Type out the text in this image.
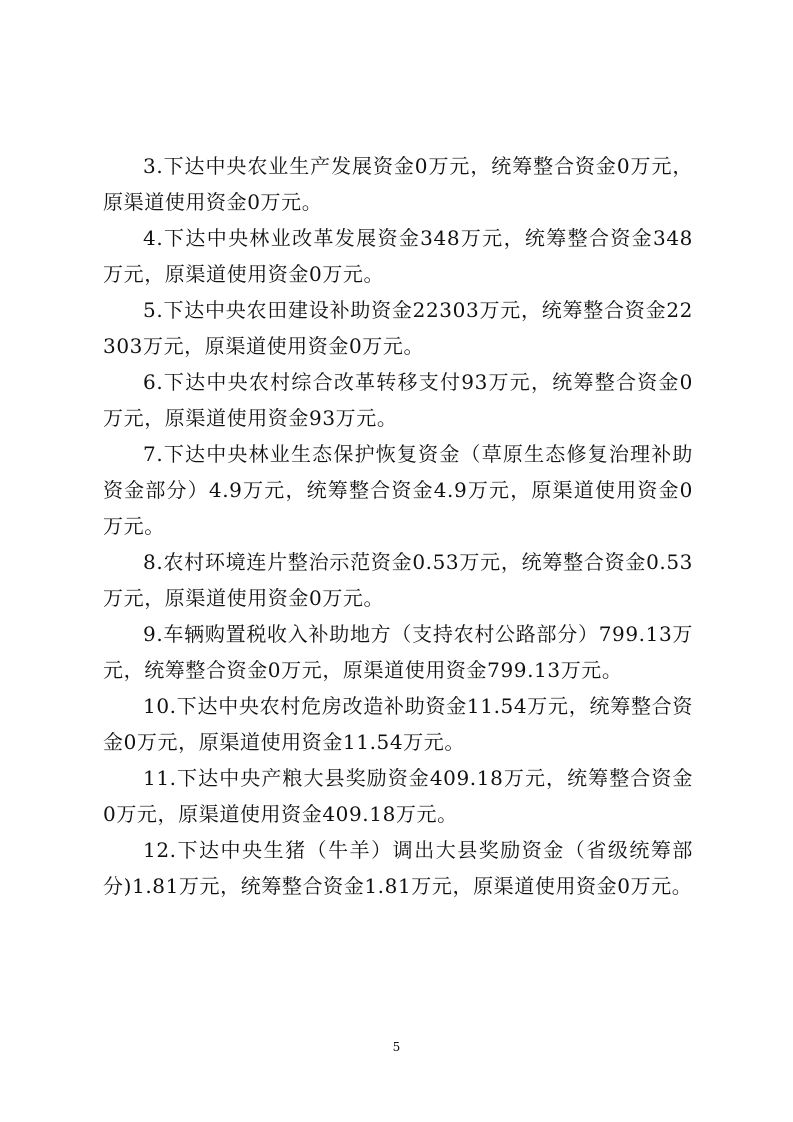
3.下达中央农业生产发展资金0万元，统筹整合资金0万元，原渠道使用资金0万元。

4.下达中央林业改革发展资金348万元，统筹整合资金348万元，原渠道使用资金0万元。

5.下达中央农田建设补助资金22303万元，统筹整合资金22303万元，原渠道使用资金0万元。

6.下达中央农村综合改革转移支付93万元，统筹整合资金0万元，原渠道使用资金93万元。

7.下达中央林业生态保护恢复资金（草原生态修复治理补助资金部分）4.9万元，统筹整合资金4.9万元，原渠道使用资金0万元。

8.农村环境连片整治示范资金0.53万元，统筹整合资金0.53万元，原渠道使用资金0万元。

9.车辆购置税收入补助地方（支持农村公路部分）799.13万元，统筹整合资金0万元，原渠道使用资金799.13万元。

10.下达中央农村危房改造补助资金11.54万元，统筹整合资金0万元，原渠道使用资金11.54万元。

11.下达中央产粮大县奖励资金409.18万元，统筹整合资金0万元，原渠道使用资金409.18万元。

12.下达中央生猪（牛羊）调出大县奖励资金（省级统筹部分)1.81万元，统筹整合资金1.81万元，原渠道使用资金0万元。

5
